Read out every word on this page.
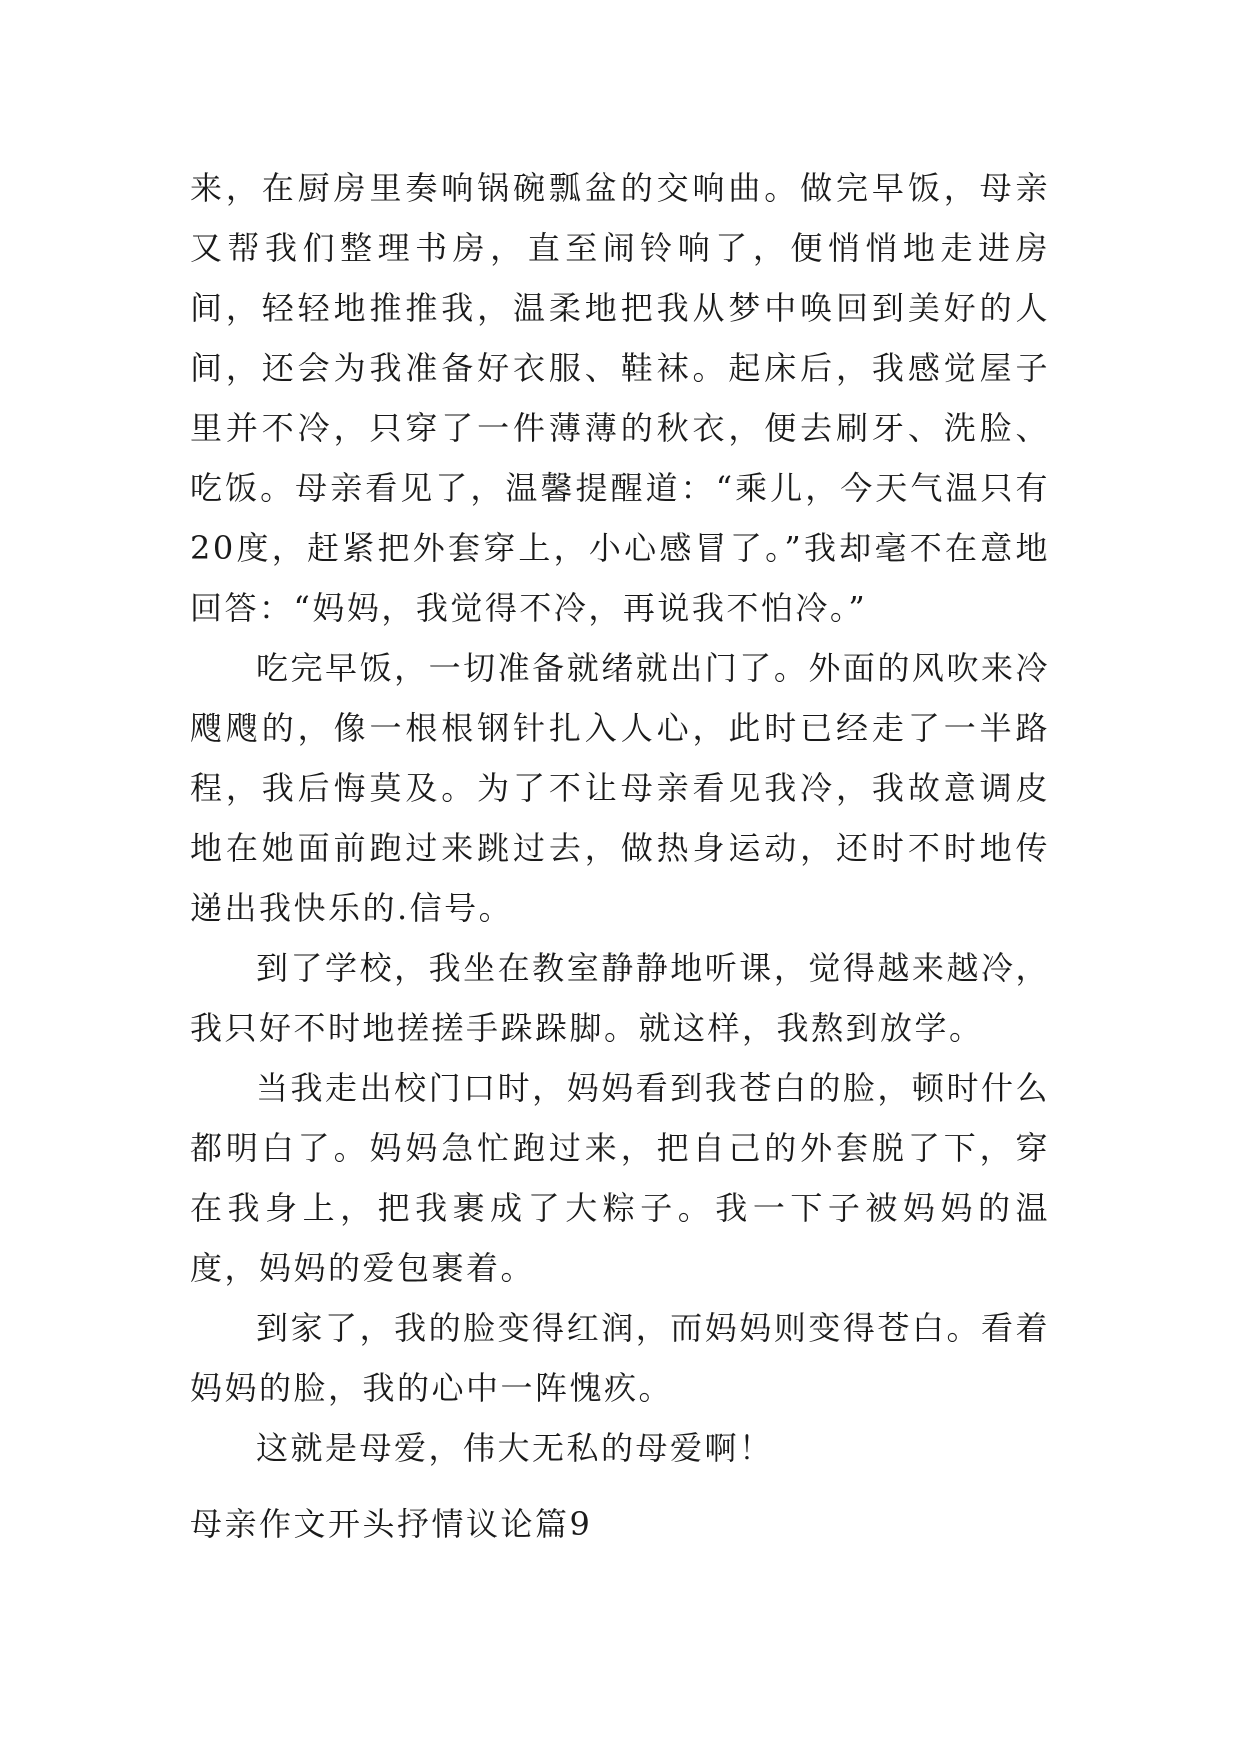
来，在厨房里奏响锅碗瓢盆的交响曲。做完早饭，母亲又帮我们整理书房，直至闹铃响了，便悄悄地走进房间，轻轻地推推我，温柔地把我从梦中唤回到美好的人间，还会为我准备好衣服、鞋袜。起床后，我感觉屋子里并不冷，只穿了一件薄薄的秋衣，便去刷牙、洗脸、吃饭。母亲看见了，温馨提醒道：“乘儿，今天气温只有20度，赶紧把外套穿上，小心感冒了。”我却毫不在意地回答：“妈妈，我觉得不冷，再说我不怕冷。”

吃完早饭，一切准备就绪就出门了。外面的风吹来冷飕飕的，像一根根钢针扎入人心，此时已经走了一半路程，我后悔莫及。为了不让母亲看见我冷，我故意调皮地在她面前跑过来跳过去，做热身运动，还时不时地传递出我快乐的.信号。

到了学校，我坐在教室静静地听课，觉得越来越冷，我只好不时地搓搓手跺跺脚。就这样，我熬到放学。

当我走出校门口时，妈妈看到我苍白的脸，顿时什么都明白了。妈妈急忙跑过来，把自己的外套脱了下，穿在我身上，把我裹成了大粽子。我一下子被妈妈的温度，妈妈的爱包裹着。

到家了，我的脸变得红润，而妈妈则变得苍白。看着妈妈的脸，我的心中一阵愧疚。

这就是母爱，伟大无私的母爱啊！

母亲作文开头抒情议论篇9
